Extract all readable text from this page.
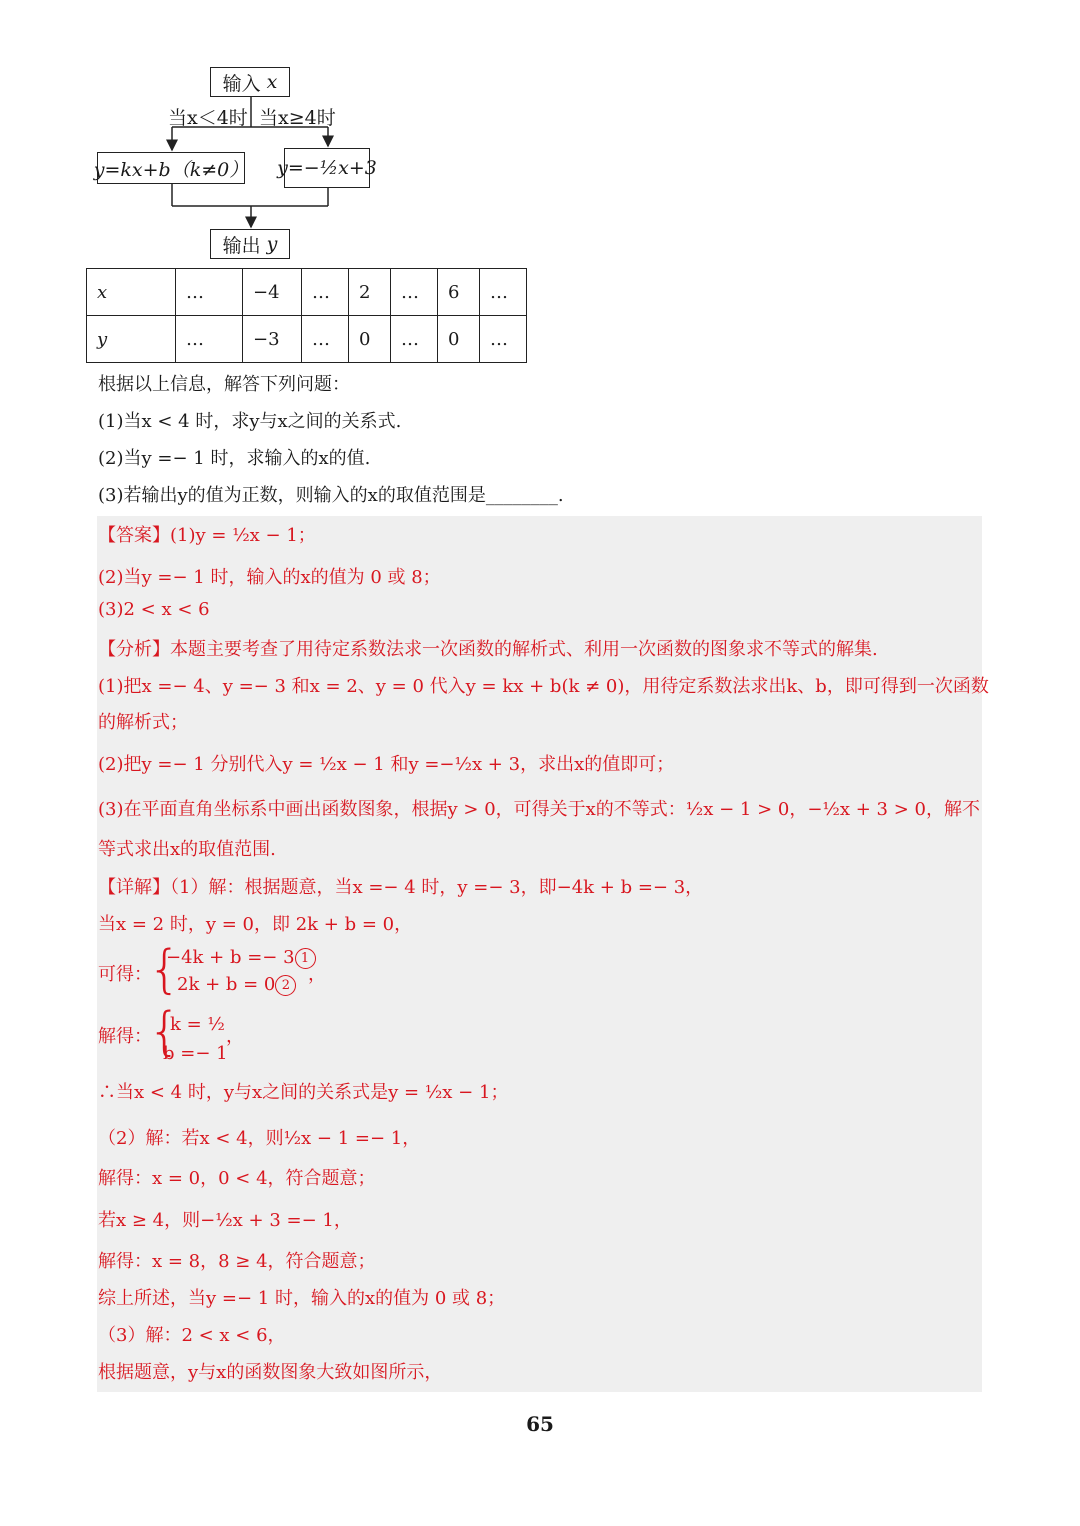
输入
x
当x＜4时 当x≥4时
y=kx+b（k≠0） y=−½x+3
输出
y
x	…	−4	…	2	…	6	…
y	…	−3	…	0	…	0	…
根据以上信息，解答下列问题：
(1)当x < 4 时，求y与x之间的关系式.
(2)当y =− 1 时，求输入的x的值.
(3)若输出y的值为正数，则输入的x的取值范围是________.
【答案】(1)y = ½x − 1；
(2)当y =− 1 时，输入的x的值为 0 或 8；
(3)2 < x < 6
【分析】本题主要考查了用待定系数法求一次函数的解析式、利用一次函数的图象求不等式的解集.
(1)把x =− 4、y =− 3 和x = 2、y = 0 代入y = kx + b(k ≠ 0)，用待定系数法求出k、b，即可得到一次函数
的解析式；
(2)把y =− 1 分别代入y = ½x − 1 和y =−½x + 3，求出x的值即可；
(3)在平面直角坐标系中画出函数图象，根据y > 0，可得关于x的不等式：½x − 1 > 0，−½x + 3 > 0，解不
等式求出x的取值范围.
【详解】（1）解：根据题意，当x =− 4 时，y =− 3，即−4k + b =− 3，
当x = 2 时，y = 0，即 2k + b = 0，
可得：
{
−4k + b =− 3 1
2k + b = 0 2 ，
解得：
{
k = ½
b =− 1
，
∴当x < 4 时，y与x之间的关系式是y = ½x − 1；
（2）解：若x < 4，则½x − 1 =− 1，
解得：x = 0，0 < 4，符合题意；
若x ≥ 4，则−½x + 3 =− 1，
解得：x = 8，8 ≥ 4，符合题意；
综上所述，当y =− 1 时，输入的x的值为 0 或 8；
（3）解：2 < x < 6，
根据题意，y与x的函数图象大致如图所示，
65
